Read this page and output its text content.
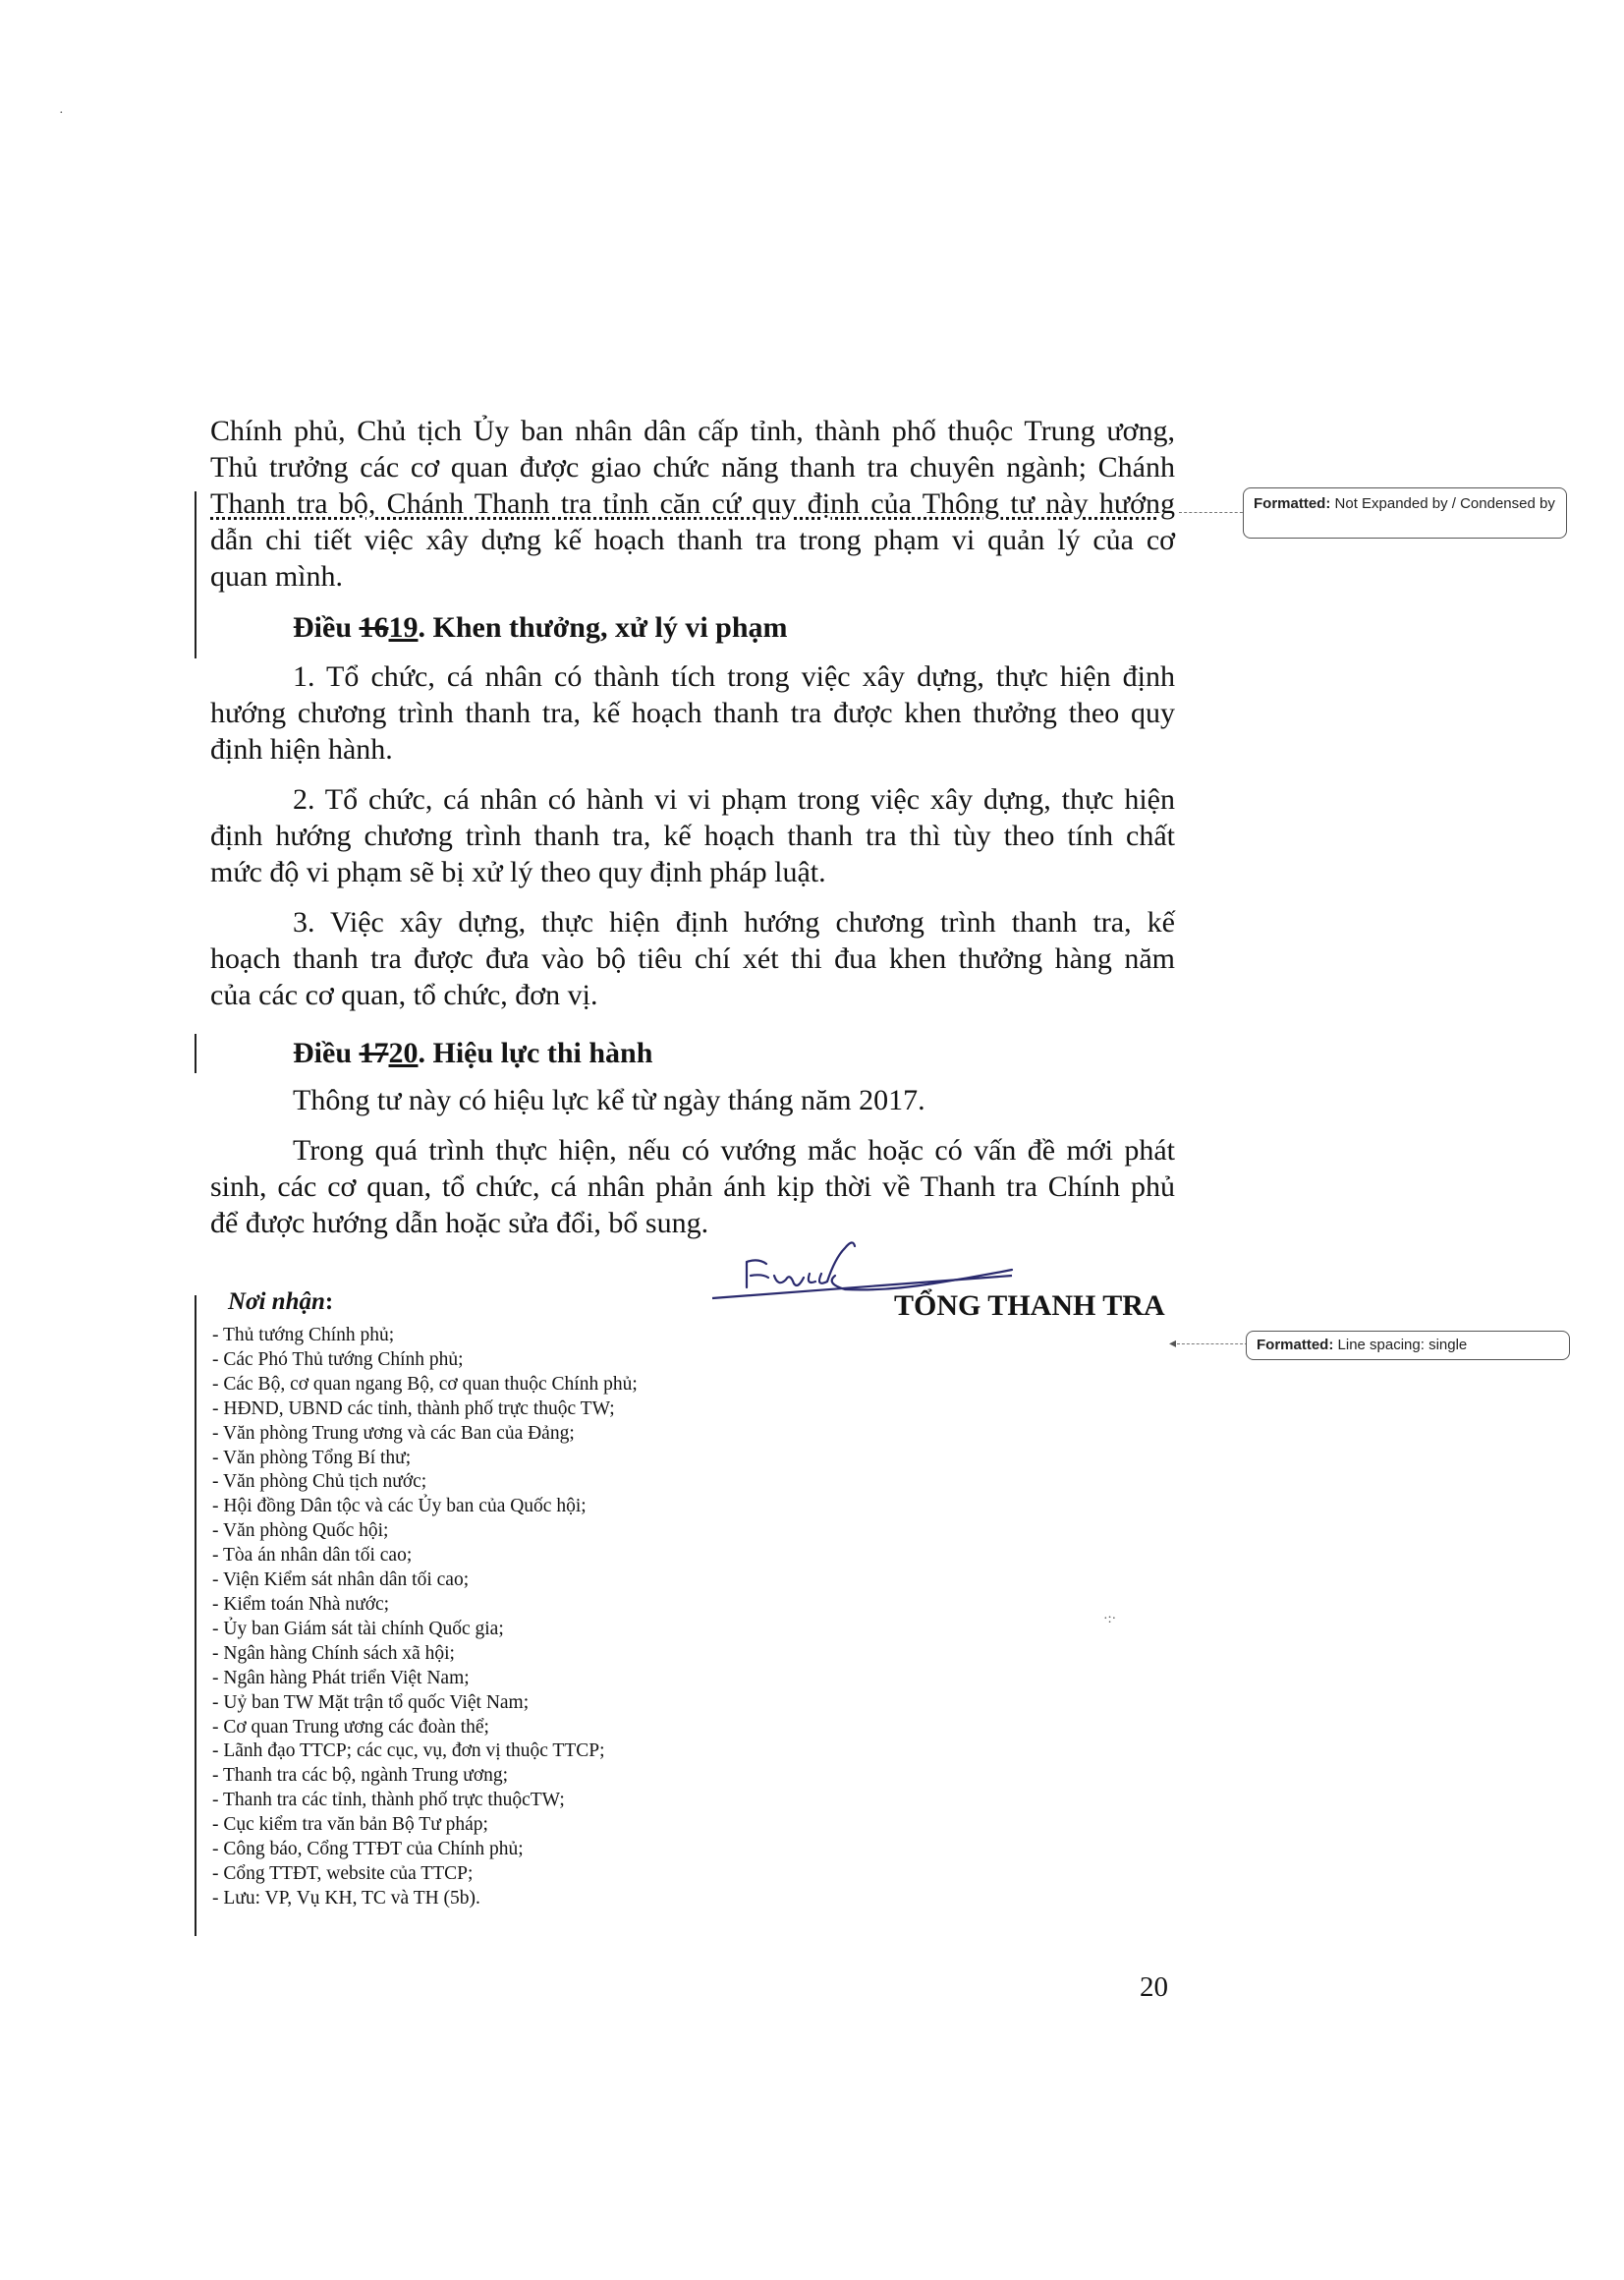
Chính phủ, Chủ tịch Ủy ban nhân dân cấp tỉnh, thành phố thuộc Trung ương,
Thủ trưởng các cơ quan được giao chức năng thanh tra chuyên ngành; Chánh
Thanh tra bộ, Chánh Thanh tra tỉnh căn cứ quy định của Thông tư này hướng
dẫn chi tiết việc xây dựng kế hoạch thanh tra trong phạm vi quản lý của cơ
quan mình.
Điều 1619. Khen thưởng, xử lý vi phạm
1. Tổ chức, cá nhân có thành tích trong việc xây dựng, thực hiện định
hướng chương trình thanh tra, kế hoạch thanh tra được khen thưởng theo quy
định hiện hành.
2. Tổ chức, cá nhân có hành vi vi phạm trong việc xây dựng, thực hiện
định hướng chương trình thanh tra, kế hoạch thanh tra thì tùy theo tính chất
mức độ vi phạm sẽ bị xử lý theo quy định pháp luật.
3. Việc xây dựng, thực hiện định hướng chương trình thanh tra, kế
hoạch thanh tra được đưa vào bộ tiêu chí xét thi đua khen thưởng hàng năm
của các cơ quan, tổ chức, đơn vị.
Điều 1720. Hiệu lực thi hành
Thông tư này có hiệu lực kể từ ngày tháng năm 2017.
Trong quá trình thực hiện, nếu có vướng mắc hoặc có vấn đề mới phát
sinh, các cơ quan, tổ chức, cá nhân phản ánh kịp thời về Thanh tra Chính phủ
để được hướng dẫn hoặc sửa đổi, bổ sung.
Formatted: Not Expanded by / Condensed by
◂	Formatted: Line spacing: single
TỔNG THANH TRA
Nơi nhận:
- Thủ tướng Chính phủ;
- Các Phó Thủ tướng Chính phủ;
- Các Bộ, cơ quan ngang Bộ, cơ quan thuộc Chính phủ;
- HĐND, UBND các tỉnh, thành phố trực thuộc TW;
- Văn phòng Trung ương và các Ban của Đảng;
- Văn phòng Tổng Bí thư;
- Văn phòng Chủ tịch nước;
- Hội đồng Dân tộc và các Ủy ban của Quốc hội;
- Văn phòng Quốc hội;
- Tòa án nhân dân tối cao;
- Viện Kiểm sát nhân dân tối cao;
- Kiểm toán Nhà nước;
- Ủy ban Giám sát tài chính Quốc gia;
- Ngân hàng Chính sách xã hội;
- Ngân hàng Phát triển Việt Nam;
- Uỷ ban TW Mặt trận tổ quốc Việt Nam;
- Cơ quan Trung ương các đoàn thể;
- Lãnh đạo TTCP; các cục, vụ, đơn vị thuộc TTCP;
- Thanh tra các bộ, ngành Trung ương;
- Thanh tra các tỉnh, thành phố trực thuộcTW;
- Cục kiểm tra văn bản Bộ Tư pháp;
- Công báo, Cổng TTĐT của Chính phủ;
- Cổng TTĐT, website của TTCP;
- Lưu: VP, Vụ KH, TC và TH (5b).
20
·
·:·
